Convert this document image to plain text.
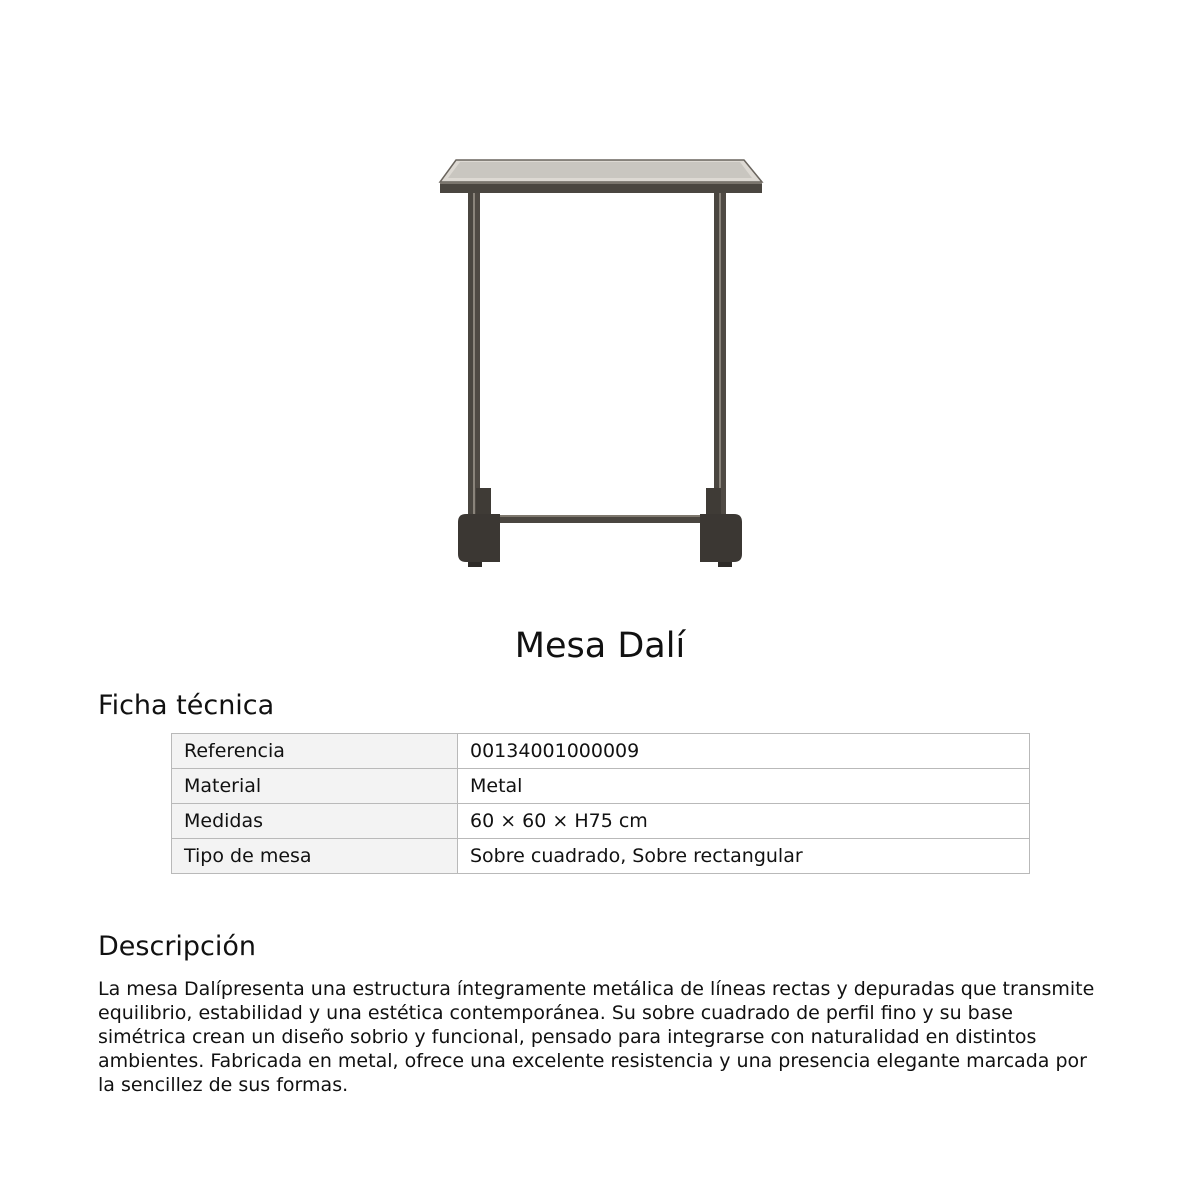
Mesa Dalí
Ficha técnica
Referencia	00134001000009
Material	Metal
Medidas	60 × 60 × H75 cm
Tipo de mesa	Sobre cuadrado, Sobre rectangular
Descripción

La mesa Dalípresenta una estructura íntegramente metálica de líneas rectas y depuradas que transmite equilibrio, estabilidad y una estética contemporánea. Su sobre cuadrado de perfil fino y su base simétrica crean un diseño sobrio y funcional, pensado para integrarse con naturalidad en distintos ambientes. Fabricada en metal, ofrece una excelente resistencia y una presencia elegante marcada por la sencillez de sus formas.
